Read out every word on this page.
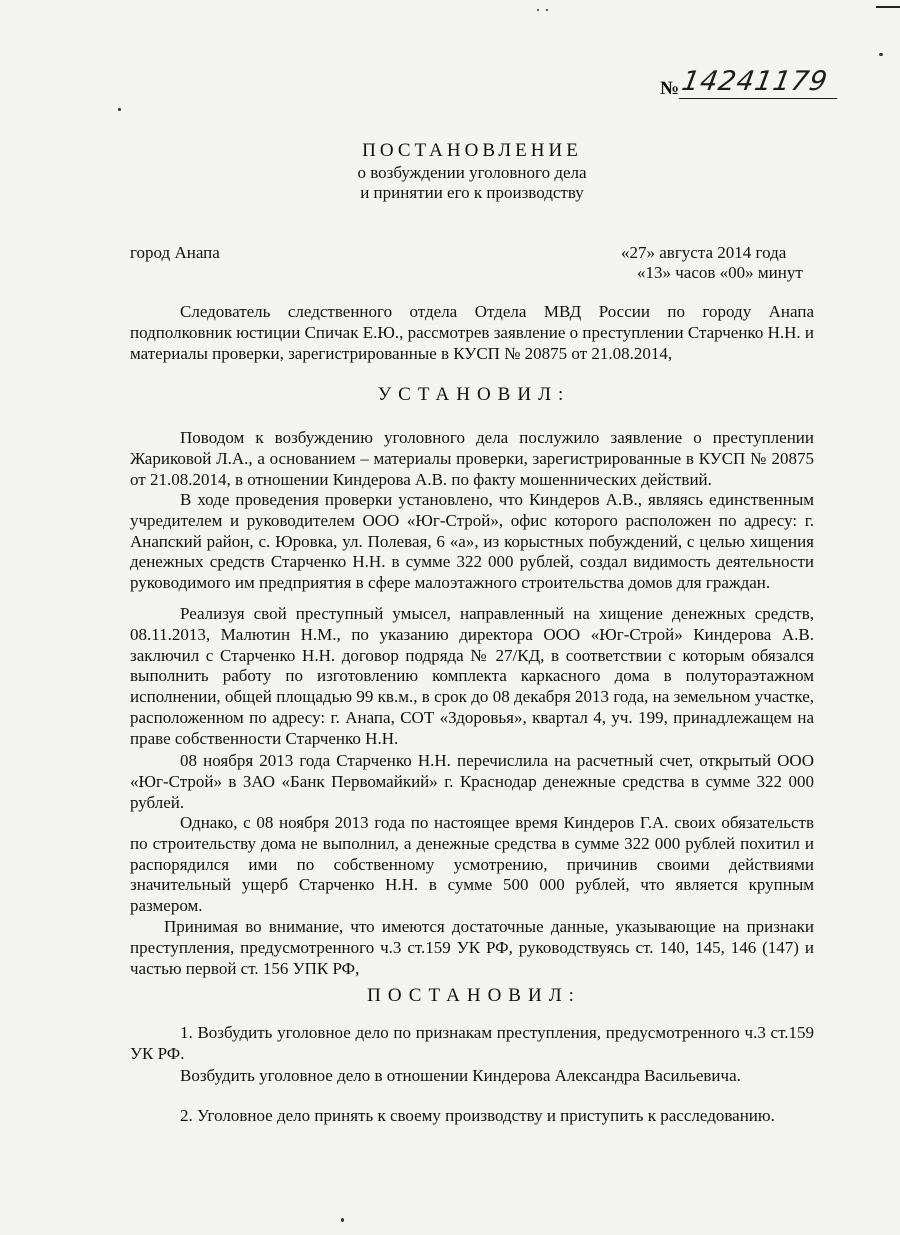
№ 14241179
ПОСТАНОВЛЕНИЕ
о возбуждении уголовного дела
и принятии его к производству
город Анапа	«27» августа 2014 года
«13» часов «00» минут

Следователь следственного отдела Отдела МВД России по городу Анапа подполковник юстиции Спичак Е.Ю., рассмотрев заявление о преступлении Старченко Н.Н. и материалы проверки, зарегистрированные в КУСП № 20875 от 21.08.2014,

УСТАНОВИЛ:

Поводом к возбуждению уголовного дела послужило заявление о преступлении Жариковой Л.А., а основанием – материалы проверки, зарегистрированные в КУСП № 20875 от 21.08.2014, в отношении Киндерова А.В. по факту мошеннических действий.

В ходе проведения проверки установлено, что Киндеров А.В., являясь единственным учредителем и руководителем ООО «Юг-Строй», офис которого расположен по адресу: г. Анапский район, с. Юровка, ул. Полевая, 6 «а», из корыстных побуждений, с целью хищения денежных средств Старченко Н.Н. в сумме 322 000 рублей, создал видимость деятельности руководимого им предприятия в сфере малоэтажного строительства домов для граждан.

Реализуя свой преступный умысел, направленный на хищение денежных средств, 08.11.2013, Малютин Н.М., по указанию директора ООО «Юг-Строй» Киндерова А.В. заключил с Старченко Н.Н. договор подряда № 27/КД, в соответствии с которым обязался выполнить работу по изготовлению комплекта каркасного дома в полутораэтажном исполнении, общей площадью 99 кв.м., в срок до 08 декабря 2013 года, на земельном участке, расположенном по адресу: г. Анапа, СОТ «Здоровья», квартал 4, уч. 199, принадлежащем на праве собственности Старченко Н.Н.

08 ноября 2013 года Старченко Н.Н. перечислила на расчетный счет, открытый ООО «Юг-Строй» в ЗАО «Банк Первомайкий» г. Краснодар денежные средства в сумме 322 000 рублей.

Однако, с 08 ноября 2013 года по настоящее время Киндеров Г.А. своих обязательств по строительству дома не выполнил, а денежные средства в сумме 322 000 рублей похитил и распорядился ими по собственному усмотрению, причинив своими действиями значительный ущерб Старченко Н.Н. в сумме 500 000 рублей, что является крупным размером.

Принимая во внимание, что имеются достаточные данные, указывающие на признаки преступления, предусмотренного ч.3 ст.159 УК РФ, руководствуясь ст. 140, 145, 146 (147) и частью первой ст. 156 УПК РФ,

ПОСТАНОВИЛ:

1. Возбудить уголовное дело по признакам преступления, предусмотренного ч.3 ст.159 УК РФ.

Возбудить уголовное дело в отношении Киндерова Александра Васильевича.

2. Уголовное дело принять к своему производству и приступить к расследованию.
